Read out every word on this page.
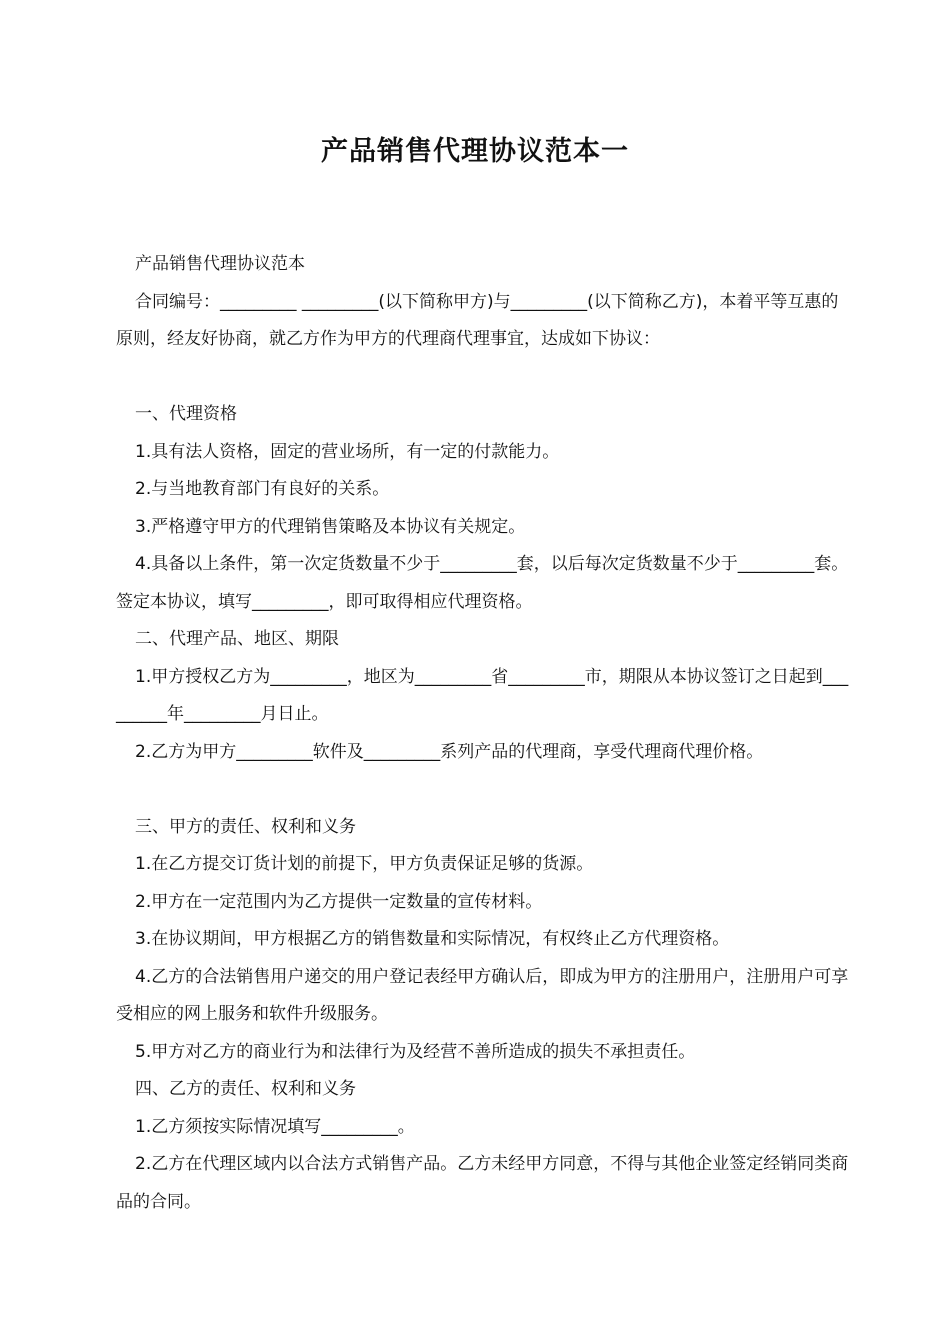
产品销售代理协议范本一

产品销售代理协议范本

合同编号：_________ _________(以下简称甲方)与_________(以下简称乙方)，本着平等互惠的原则，经友好协商，就乙方作为甲方的代理商代理事宜，达成如下协议：

一、代理资格

1.具有法人资格，固定的营业场所，有一定的付款能力。

2.与当地教育部门有良好的关系。

3.严格遵守甲方的代理销售策略及本协议有关规定。

4.具备以上条件，第一次定货数量不少于_________套，以后每次定货数量不少于_________套。签定本协议，填写_________，即可取得相应代理资格。

二、代理产品、地区、期限

1.甲方授权乙方为_________，地区为_________省_________市，期限从本协议签订之日起到_________年_________月日止。

2.乙方为甲方_________软件及_________系列产品的代理商，享受代理商代理价格。

三、甲方的责任、权利和义务

1.在乙方提交订货计划的前提下，甲方负责保证足够的货源。

2.甲方在一定范围内为乙方提供一定数量的宣传材料。

3.在协议期间，甲方根据乙方的销售数量和实际情况，有权终止乙方代理资格。

4.乙方的合法销售用户递交的用户登记表经甲方确认后，即成为甲方的注册用户，注册用户可享受相应的网上服务和软件升级服务。

5.甲方对乙方的商业行为和法律行为及经营不善所造成的损失不承担责任。

四、乙方的责任、权利和义务

1.乙方须按实际情况填写_________。

2.乙方在代理区域内以合法方式销售产品。乙方未经甲方同意，不得与其他企业签定经销同类商品的合同。
